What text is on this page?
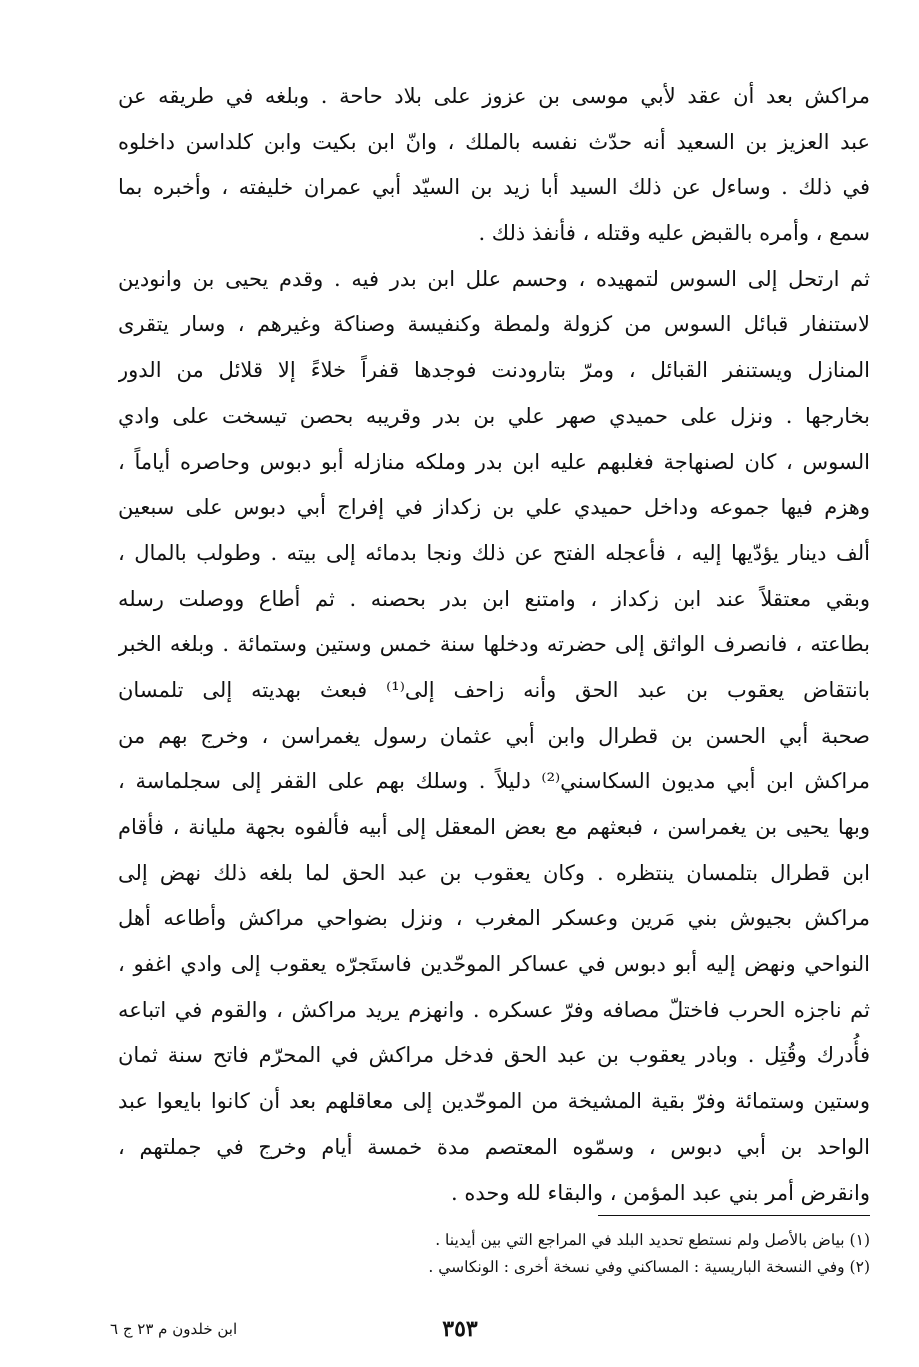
مراكش بعد أن عقد لأبي موسى بن عزوز على بلاد حاحة . وبلغه في طريقه عن
عبد العزيز بن السعيد أنه حدّث نفسه بالملك ، وانّ ابن بكيت وابن كلداسن داخلوه
في ذلك . وساءل عن ذلك السيد أبا زيد بن السيّد أبي عمران خليفته ، وأخبره بما
سمع ، وأمره بالقبض عليه وقتله ، فأنفذ ذلك .
ثم ارتحل إلى السوس لتمهيده ، وحسم علل ابن بدر فيه . وقدم يحيى بن وانودين
لاستنفار قبائل السوس من كزولة ولمطة وكنفيسة وصناكة وغيرهم ، وسار يتقرى
المنازل ويستنفر القبائل ، ومرّ بتارودنت فوجدها قفراً خلاءً إلا قلائل من الدور
بخارجها . ونزل على حميدي صهر علي بن بدر وقريبه بحصن تيسخت على وادي
السوس ، كان لصنهاجة فغلبهم عليه ابن بدر وملكه منازله أبو دبوس وحاصره أياماً ،
وهزم فيها جموعه وداخل حميدي علي بن زكداز في إفراج أبي دبوس على سبعين
ألف دينار يؤدّيها إليه ، فأعجله الفتح عن ذلك ونجا بدمائه إلى بيته . وطولب بالمال ،
وبقي معتقلاً عند ابن زكداز ، وامتنع ابن بدر بحصنه . ثم أطاع ووصلت رسله
بطاعته ، فانصرف الواثق إلى حضرته ودخلها سنة خمس وستين وستمائة . وبلغه الخبر
بانتقاض يعقوب بن عبد الحق وأنه زاحف إلى⁽¹⁾ فبعث بهديته إلى تلمسان
صحبة أبي الحسن بن قطرال وابن أبي عثمان رسول يغمراسن ، وخرج بهم من
مراكش ابن أبي مديون السكاسني⁽²⁾ دليلاً . وسلك بهم على القفر إلى سجلماسة ،
وبها يحيى بن يغمراسن ، فبعثهم مع بعض المعقل إلى أبيه فألفوه بجهة مليانة ، فأقام
ابن قطرال بتلمسان ينتظره . وكان يعقوب بن عبد الحق لما بلغه ذلك نهض إلى
مراكش بجيوش بني مَرين وعسكر المغرب ، ونزل بضواحي مراكش وأطاعه أهل
النواحي ونهض إليه أبو دبوس في عساكر الموحّدين فاستَجرّه يعقوب إلى وادي اغفو ،
ثم ناجزه الحرب فاختلّ مصافه وفرّ عسكره . وانهزم يريد مراكش ، والقوم في اتباعه
فأُدرك وقُتِل . وبادر يعقوب بن عبد الحق فدخل مراكش في المحرّم فاتح سنة ثمان
وستين وستمائة وفرّ بقية المشيخة من الموحّدين إلى معاقلهم بعد أن كانوا بايعوا عبد
الواحد بن أبي دبوس ، وسمّوه المعتصم مدة خمسة أيام وخرج في جملتهم ،
وانقرض أمر بني عبد المؤمن ، والبقاء لله وحده .
(١) بياض بالأصل ولم نستطع تحديد البلد في المراجع التي بين أيدينا .
(٢) وفي النسخة الباريسية : المساكني وفي نسخة أخرى : الونكاسي .
٣٥٣
ابن خلدون م ٢٣ ج ٦
